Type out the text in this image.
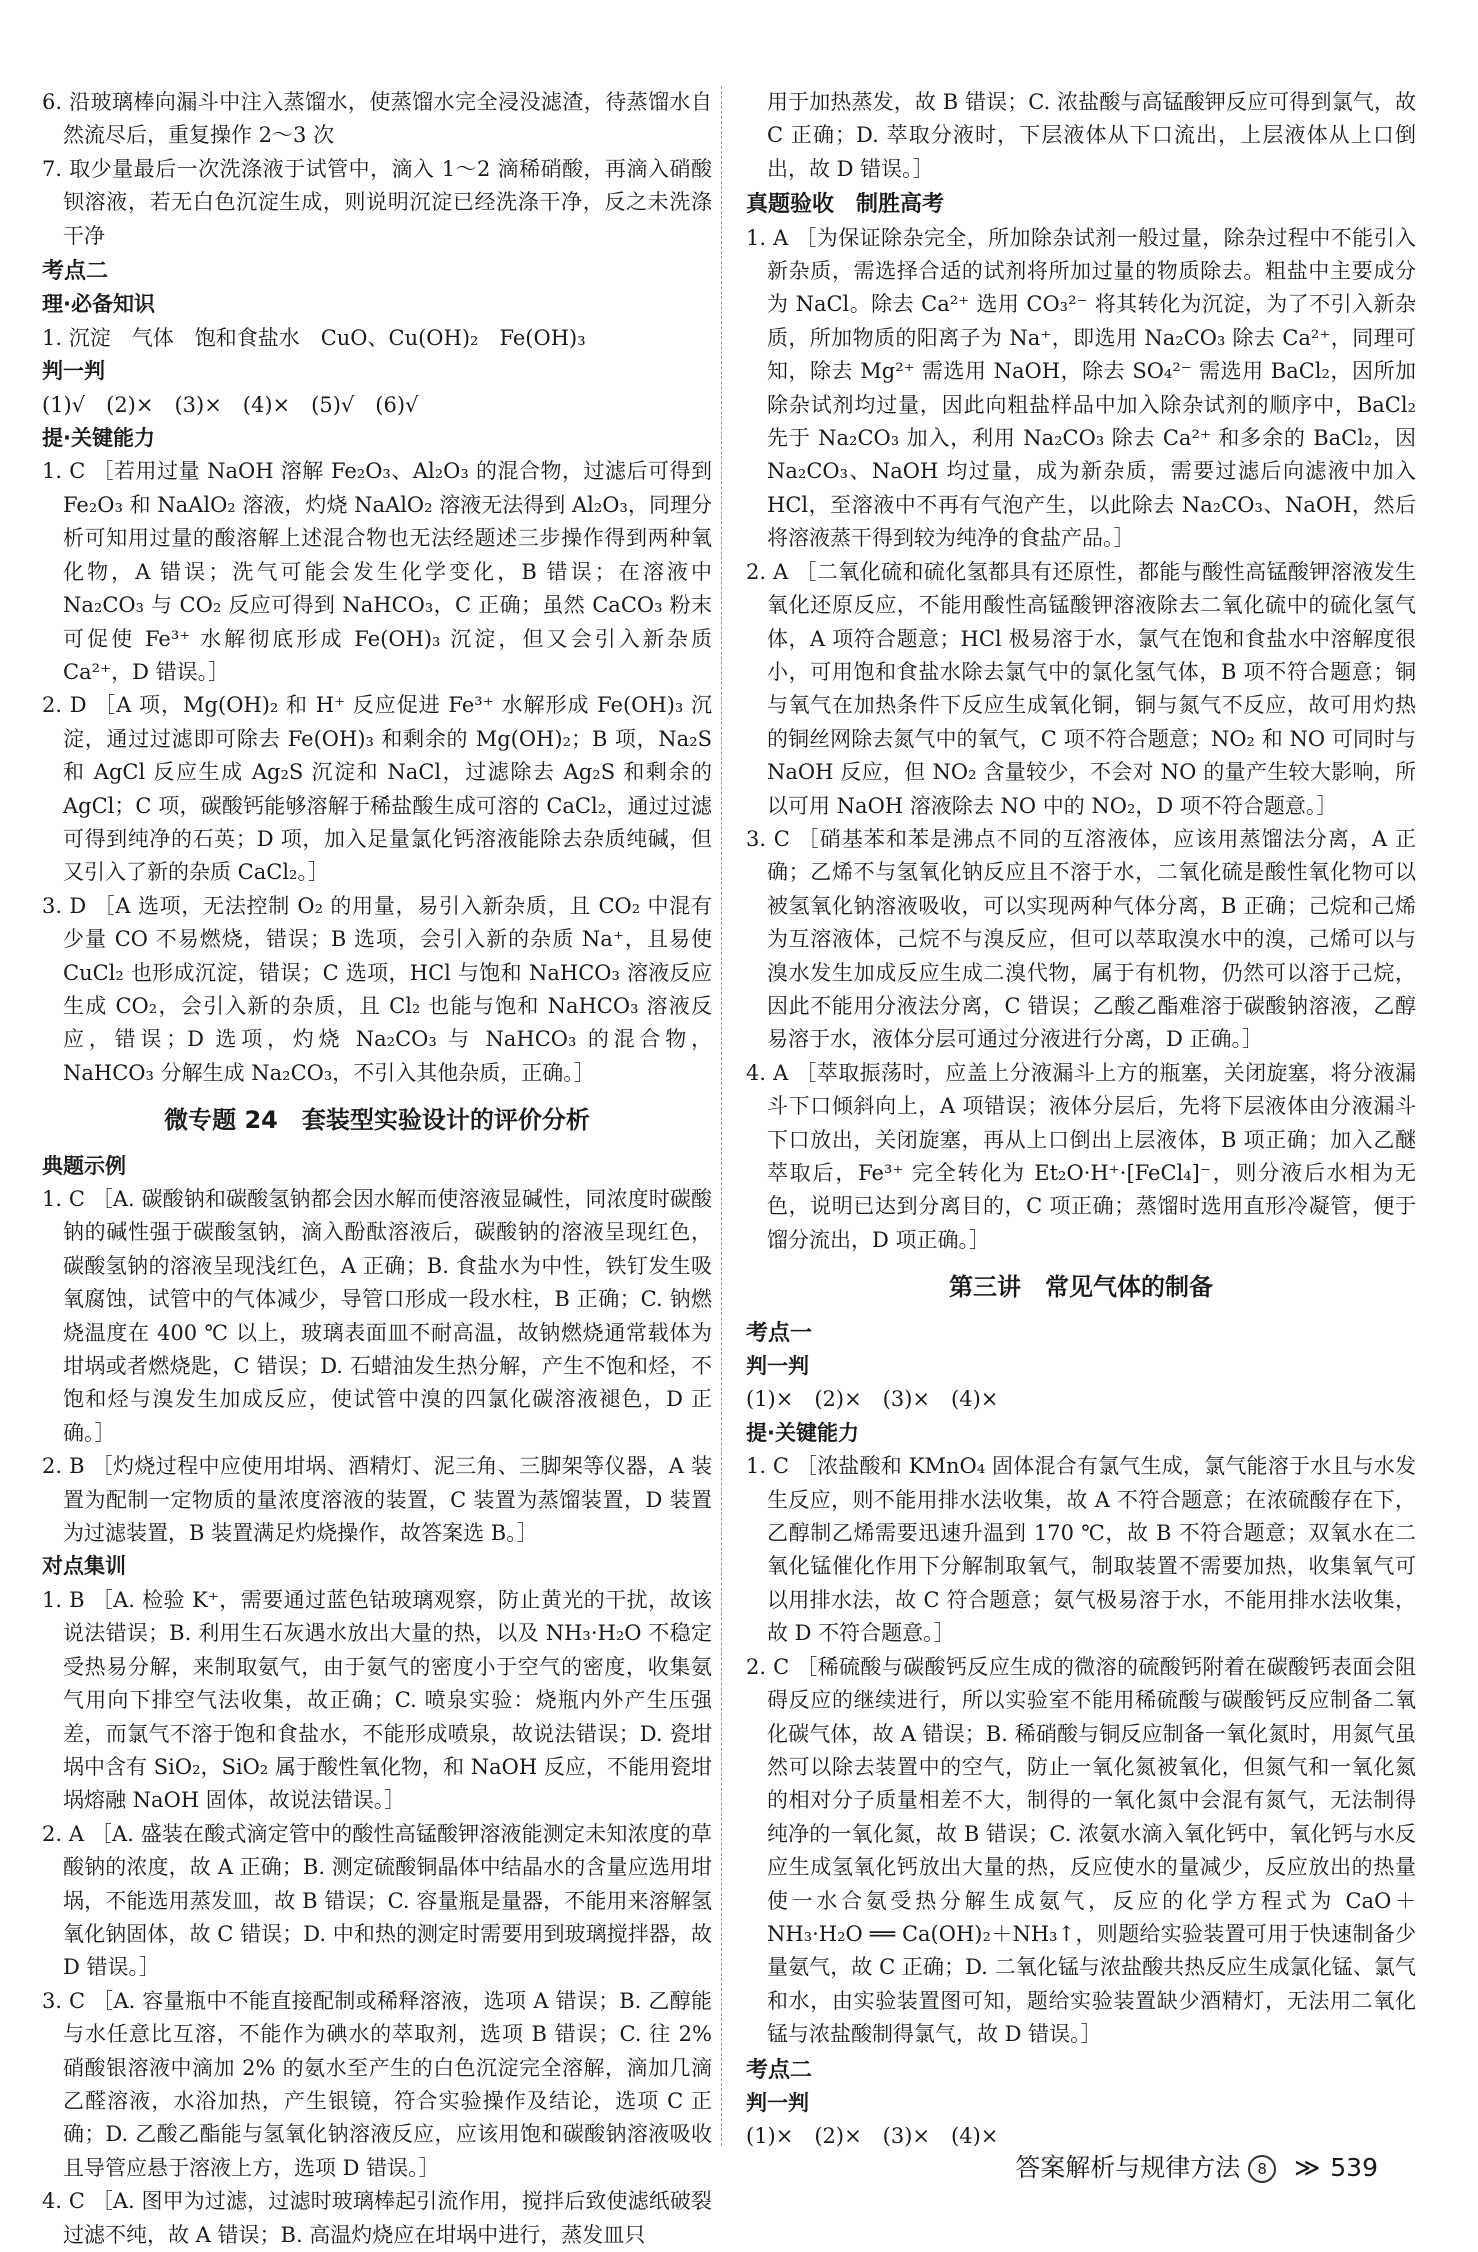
6. 沿玻璃棒向漏斗中注入蒸馏水，使蒸馏水完全浸没滤渣，待蒸馏水自然流尽后，重复操作 2～3 次

7. 取少量最后一次洗涤液于试管中，滴入 1～2 滴稀硝酸，再滴入硝酸钡溶液，若无白色沉淀生成，则说明沉淀已经洗涤干净，反之未洗涤干净

考点二

理·必备知识

1. 沉淀　气体　饱和食盐水　CuO、Cu(OH)₂　Fe(OH)₃

判一判

(1)√　(2)×　(3)×　(4)×　(5)√　(6)√

提·关键能力

1. C ［若用过量 NaOH 溶解 Fe₂O₃、Al₂O₃ 的混合物，过滤后可得到 Fe₂O₃ 和 NaAlO₂ 溶液，灼烧 NaAlO₂ 溶液无法得到 Al₂O₃，同理分析可知用过量的酸溶解上述混合物也无法经题述三步操作得到两种氧化物，A 错误；洗气可能会发生化学变化，B 错误；在溶液中 Na₂CO₃ 与 CO₂ 反应可得到 NaHCO₃，C 正确；虽然 CaCO₃ 粉末可促使 Fe³⁺ 水解彻底形成 Fe(OH)₃ 沉淀，但又会引入新杂质 Ca²⁺，D 错误。］

2. D ［A 项，Mg(OH)₂ 和 H⁺ 反应促进 Fe³⁺ 水解形成 Fe(OH)₃ 沉淀，通过过滤即可除去 Fe(OH)₃ 和剩余的 Mg(OH)₂；B 项，Na₂S 和 AgCl 反应生成 Ag₂S 沉淀和 NaCl，过滤除去 Ag₂S 和剩余的 AgCl；C 项，碳酸钙能够溶解于稀盐酸生成可溶的 CaCl₂，通过过滤可得到纯净的石英；D 项，加入足量氯化钙溶液能除去杂质纯碱，但又引入了新的杂质 CaCl₂。］

3. D ［A 选项，无法控制 O₂ 的用量，易引入新杂质，且 CO₂ 中混有少量 CO 不易燃烧，错误；B 选项，会引入新的杂质 Na⁺，且易使 CuCl₂ 也形成沉淀，错误；C 选项，HCl 与饱和 NaHCO₃ 溶液反应生成 CO₂，会引入新的杂质，且 Cl₂ 也能与饱和 NaHCO₃ 溶液反应，错误；D 选项，灼烧 Na₂CO₃ 与 NaHCO₃ 的混合物，NaHCO₃ 分解生成 Na₂CO₃，不引入其他杂质，正确。］

微专题 24　套装型实验设计的评价分析

典题示例

1. C ［A. 碳酸钠和碳酸氢钠都会因水解而使溶液显碱性，同浓度时碳酸钠的碱性强于碳酸氢钠，滴入酚酞溶液后，碳酸钠的溶液呈现红色，碳酸氢钠的溶液呈现浅红色，A 正确；B. 食盐水为中性，铁钉发生吸氧腐蚀，试管中的气体减少，导管口形成一段水柱，B 正确；C. 钠燃烧温度在 400 ℃ 以上，玻璃表面皿不耐高温，故钠燃烧通常载体为坩埚或者燃烧匙，C 错误；D. 石蜡油发生热分解，产生不饱和烃，不饱和烃与溴发生加成反应，使试管中溴的四氯化碳溶液褪色，D 正确。］

2. B ［灼烧过程中应使用坩埚、酒精灯、泥三角、三脚架等仪器，A 装置为配制一定物质的量浓度溶液的装置，C 装置为蒸馏装置，D 装置为过滤装置，B 装置满足灼烧操作，故答案选 B。］

对点集训

1. B ［A. 检验 K⁺，需要通过蓝色钴玻璃观察，防止黄光的干扰，故该说法错误；B. 利用生石灰遇水放出大量的热，以及 NH₃·H₂O 不稳定受热易分解，来制取氨气，由于氨气的密度小于空气的密度，收集氨气用向下排空气法收集，故正确；C. 喷泉实验：烧瓶内外产生压强差，而氯气不溶于饱和食盐水，不能形成喷泉，故说法错误；D. 瓷坩埚中含有 SiO₂，SiO₂ 属于酸性氧化物，和 NaOH 反应，不能用瓷坩埚熔融 NaOH 固体，故说法错误。］

2. A ［A. 盛装在酸式滴定管中的酸性高锰酸钾溶液能测定未知浓度的草酸钠的浓度，故 A 正确；B. 测定硫酸铜晶体中结晶水的含量应选用坩埚，不能选用蒸发皿，故 B 错误；C. 容量瓶是量器，不能用来溶解氢氧化钠固体，故 C 错误；D. 中和热的测定时需要用到玻璃搅拌器，故 D 错误。］

3. C ［A. 容量瓶中不能直接配制或稀释溶液，选项 A 错误；B. 乙醇能与水任意比互溶，不能作为碘水的萃取剂，选项 B 错误；C. 往 2% 硝酸银溶液中滴加 2% 的氨水至产生的白色沉淀完全溶解，滴加几滴乙醛溶液，水浴加热，产生银镜，符合实验操作及结论，选项 C 正确；D. 乙酸乙酯能与氢氧化钠溶液反应，应该用饱和碳酸钠溶液吸收且导管应悬于溶液上方，选项 D 错误。］

4. C ［A. 图甲为过滤，过滤时玻璃棒起引流作用，搅拌后致使滤纸破裂过滤不纯，故 A 错误；B. 高温灼烧应在坩埚中进行，蒸发皿只

用于加热蒸发，故 B 错误；C. 浓盐酸与高锰酸钾反应可得到氯气，故 C 正确；D. 萃取分液时，下层液体从下口流出，上层液体从上口倒出，故 D 错误。］

真题验收　制胜高考

1. A ［为保证除杂完全，所加除杂试剂一般过量，除杂过程中不能引入新杂质，需选择合适的试剂将所加过量的物质除去。粗盐中主要成分为 NaCl。除去 Ca²⁺ 选用 CO₃²⁻ 将其转化为沉淀，为了不引入新杂质，所加物质的阳离子为 Na⁺，即选用 Na₂CO₃ 除去 Ca²⁺，同理可知，除去 Mg²⁺ 需选用 NaOH，除去 SO₄²⁻ 需选用 BaCl₂，因所加除杂试剂均过量，因此向粗盐样品中加入除杂试剂的顺序中，BaCl₂ 先于 Na₂CO₃ 加入，利用 Na₂CO₃ 除去 Ca²⁺ 和多余的 BaCl₂，因 Na₂CO₃、NaOH 均过量，成为新杂质，需要过滤后向滤液中加入 HCl，至溶液中不再有气泡产生，以此除去 Na₂CO₃、NaOH，然后将溶液蒸干得到较为纯净的食盐产品。］

2. A ［二氧化硫和硫化氢都具有还原性，都能与酸性高锰酸钾溶液发生氧化还原反应，不能用酸性高锰酸钾溶液除去二氧化硫中的硫化氢气体，A 项符合题意；HCl 极易溶于水，氯气在饱和食盐水中溶解度很小，可用饱和食盐水除去氯气中的氯化氢气体，B 项不符合题意；铜与氧气在加热条件下反应生成氧化铜，铜与氮气不反应，故可用灼热的铜丝网除去氮气中的氧气，C 项不符合题意；NO₂ 和 NO 可同时与 NaOH 反应，但 NO₂ 含量较少，不会对 NO 的量产生较大影响，所以可用 NaOH 溶液除去 NO 中的 NO₂，D 项不符合题意。］

3. C ［硝基苯和苯是沸点不同的互溶液体，应该用蒸馏法分离，A 正确；乙烯不与氢氧化钠反应且不溶于水，二氧化硫是酸性氧化物可以被氢氧化钠溶液吸收，可以实现两种气体分离，B 正确；己烷和己烯为互溶液体，己烷不与溴反应，但可以萃取溴水中的溴，己烯可以与溴水发生加成反应生成二溴代物，属于有机物，仍然可以溶于己烷，因此不能用分液法分离，C 错误；乙酸乙酯难溶于碳酸钠溶液，乙醇易溶于水，液体分层可通过分液进行分离，D 正确。］

4. A ［萃取振荡时，应盖上分液漏斗上方的瓶塞，关闭旋塞，将分液漏斗下口倾斜向上，A 项错误；液体分层后，先将下层液体由分液漏斗下口放出，关闭旋塞，再从上口倒出上层液体，B 项正确；加入乙醚萃取后，Fe³⁺ 完全转化为 Et₂O·H⁺·[FeCl₄]⁻，则分液后水相为无色，说明已达到分离目的，C 项正确；蒸馏时选用直形冷凝管，便于馏分流出，D 项正确。］

第三讲　常见气体的制备

考点一

判一判

(1)×　(2)×　(3)×　(4)×

提·关键能力

1. C ［浓盐酸和 KMnO₄ 固体混合有氯气生成，氯气能溶于水且与水发生反应，则不能用排水法收集，故 A 不符合题意；在浓硫酸存在下，乙醇制乙烯需要迅速升温到 170 ℃，故 B 不符合题意；双氧水在二氧化锰催化作用下分解制取氧气，制取装置不需要加热，收集氧气可以用排水法，故 C 符合题意；氨气极易溶于水，不能用排水法收集，故 D 不符合题意。］

2. C ［稀硫酸与碳酸钙反应生成的微溶的硫酸钙附着在碳酸钙表面会阻碍反应的继续进行，所以实验室不能用稀硫酸与碳酸钙反应制备二氧化碳气体，故 A 错误；B. 稀硝酸与铜反应制备一氧化氮时，用氮气虽然可以除去装置中的空气，防止一氧化氮被氧化，但氮气和一氧化氮的相对分子质量相差不大，制得的一氧化氮中会混有氮气，无法制得纯净的一氧化氮，故 B 错误；C. 浓氨水滴入氧化钙中，氧化钙与水反应生成氢氧化钙放出大量的热，反应使水的量减少，反应放出的热量使一水合氨受热分解生成氨气，反应的化学方程式为 CaO＋NH₃·H₂O ══ Ca(OH)₂＋NH₃↑，则题给实验装置可用于快速制备少量氨气，故 C 正确；D. 二氧化锰与浓盐酸共热反应生成氯化锰、氯气和水，由实验装置图可知，题给实验装置缺少酒精灯，无法用二氧化锰与浓盐酸制得氯气，故 D 错误。］

考点二

判一判

(1)×　(2)×　(3)×　(4)×

答案解析与规律方法 8 ≫ 539
